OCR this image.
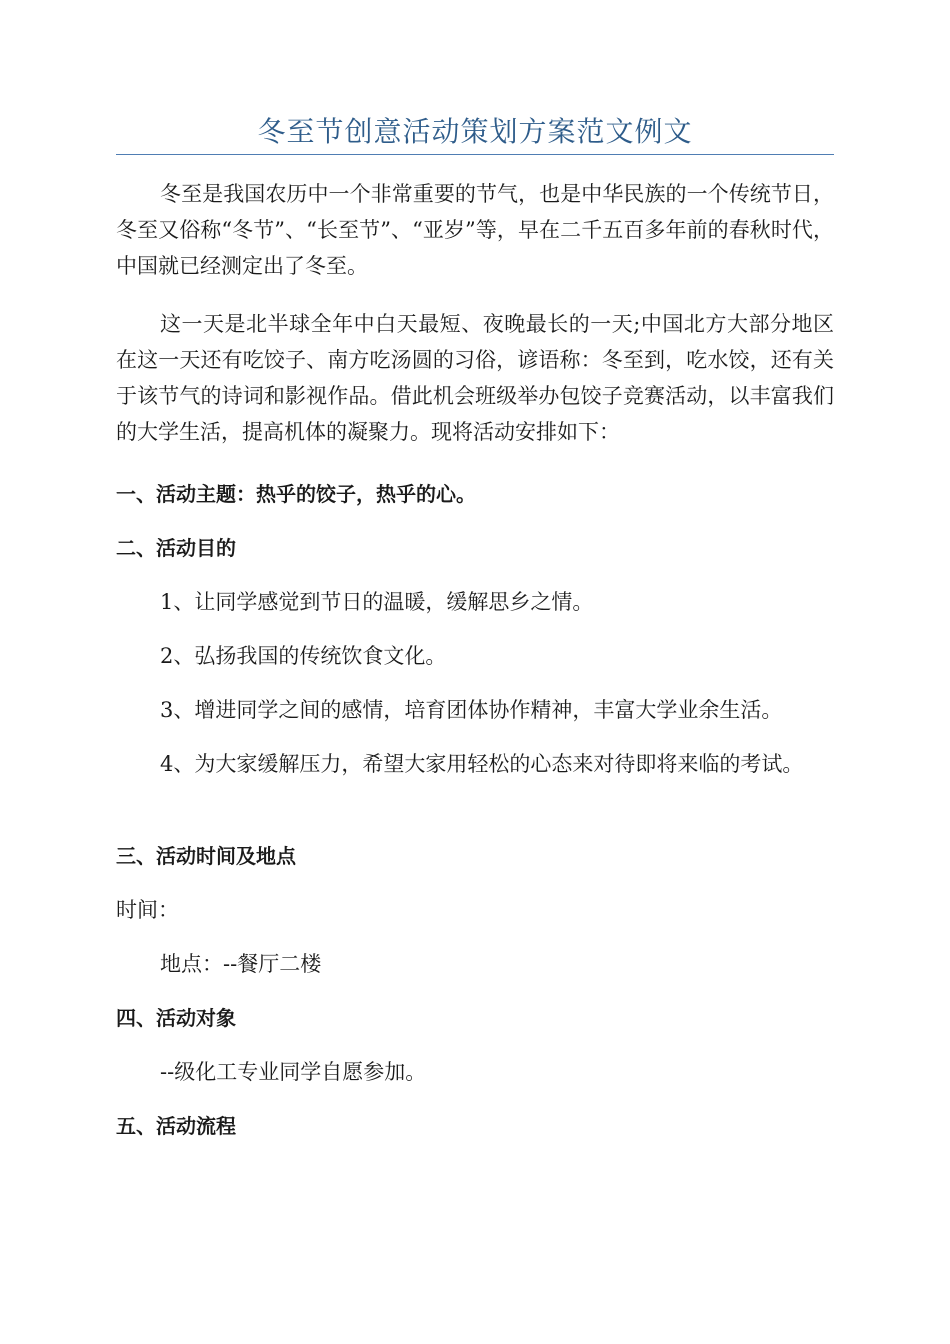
冬至节创意活动策划方案范文例文

冬至是我国农历中一个非常重要的节气，也是中华民族的一个传统节日，冬至又俗称“冬节”、“长至节”、“亚岁”等，早在二千五百多年前的春秋时代，中国就已经测定出了冬至。

这一天是北半球全年中白天最短、夜晚最长的一天;中国北方大部分地区在这一天还有吃饺子、南方吃汤圆的习俗，谚语称：冬至到，吃水饺，还有关于该节气的诗词和影视作品。借此机会班级举办包饺子竞赛活动，以丰富我们的大学生活，提高机体的凝聚力。现将活动安排如下：

一、活动主题：热乎的饺子，热乎的心。

二、活动目的

1、让同学感觉到节日的温暖，缓解思乡之情。

2、弘扬我国的传统饮食文化。

3、增进同学之间的感情，培育团体协作精神，丰富大学业余生活。

4、为大家缓解压力，希望大家用轻松的心态来对待即将来临的考试。

三、活动时间及地点

时间：

地点：--餐厅二楼

四、活动对象

--级化工专业同学自愿参加。

五、活动流程
